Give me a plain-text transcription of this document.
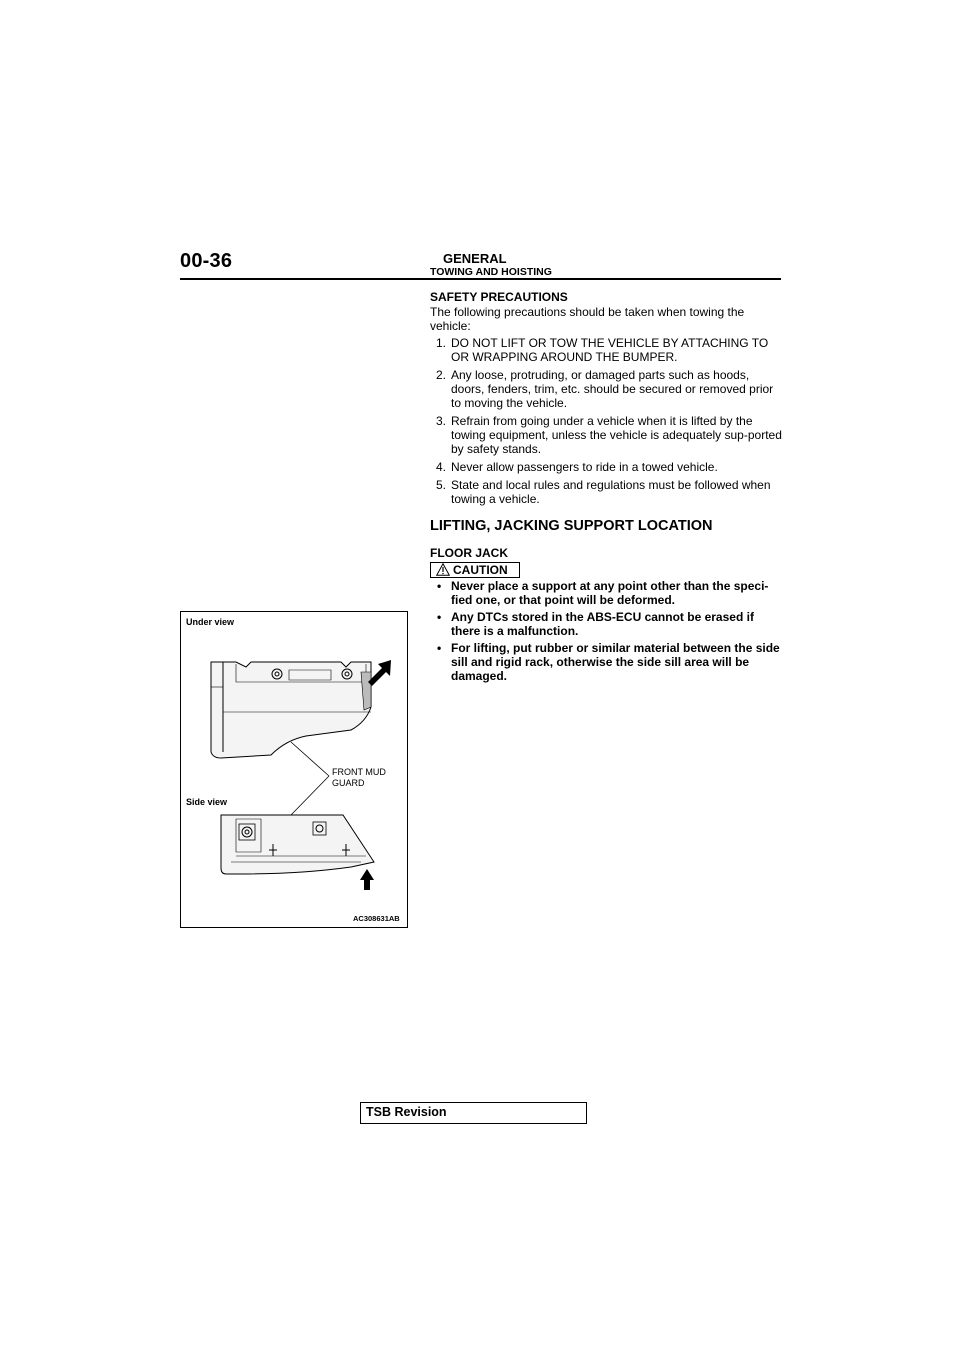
00-36	GENERAL
TOWING AND HOISTING
SAFETY PRECAUTIONS
The following precautions should be taken when towing the vehicle:
1. DO NOT LIFT OR TOW THE VEHICLE BY ATTACHING TO OR WRAPPING AROUND THE BUMPER.
2. Any loose, protruding, or damaged parts such as hoods, doors, fenders, trim, etc. should be secured or removed prior to moving the vehicle.
3. Refrain from going under a vehicle when it is lifted by the towing equipment, unless the vehicle is adequately sup-ported by safety stands.
4. Never allow passengers to ride in a towed vehicle.
5. State and local rules and regulations must be followed when towing a vehicle.
LIFTING, JACKING SUPPORT LOCATION
FLOOR JACK
CAUTION
• Never place a support at any point other than the speci-fied one, or that point will be deformed.
• Any DTCs stored in the ABS-ECU cannot be erased if there is a malfunction.
• For lifting, put rubber or similar material between the side sill and rigid rack, otherwise the side sill area will be damaged.
Under view
Side view
FRONT MUD
GUARD
AC308631AB
TSB Revision
